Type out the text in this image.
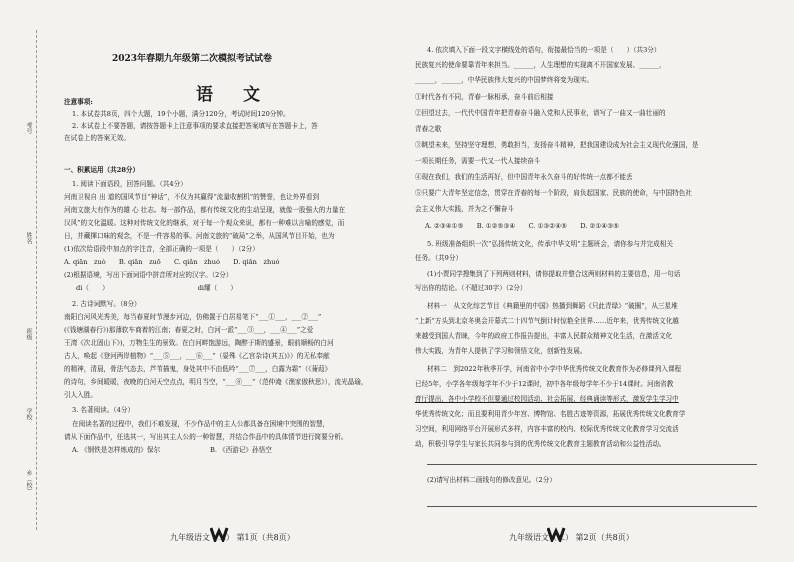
考号
姓名
班级
学校
乡（校）
2023年春期九年级第二次模拟考试试卷
语文
注意事项:
1. 本试卷共8页，四个大题，19个小题，满分120分，考试时间120分钟。
2. 本试卷上不要答题，请按答题卡上注意事项的要求直接把答案填写在答题卡上，答
在试卷上的答案无效。
一、积累运用（共28分）
1. 阅读下面语段，回答问题。（共4分）
河南卫视自 出 道的国风节目“神话”，不仅为其赢得“流量收割机”的赞誉，也让外界看到
河南文旅大有作为的雄 心 壮志。每一部作品，都有传统文化的生动呈现，就像一股强大的力量在
汉风”的文化温暖。这种对传统文化的继承，对于每一个观众来说，都有一种难以言喻的感觉，而
日，并藏揮口味的观念，不是一件容易的事。河南文旅的“破局”之举，从国风节目开始，也为
(1)依次给语段中加点的字注音，全部正确的一项是（　　）（2分）
A. qiān　zuò　　B. qiān　zuō　　C. qiǎn　zhuó　　D. qiān　zhuó
(2)根据语境，写出下面词语中拼音所对应的汉字。（2分）
di（　　）　　　　　　　　　　　　　　di耀（　　）
2. 古诗词默写。（8分）
南阳白河风光秀美，每当春夏时节漫步河边，仿佛置于白居易笔下“___①___，___②___”
(《钱塘湖春行》)那薄软车商着的江南；春夏之时，白河一派“___③___，___④___”之爱
王湾《次北固山下》)，万物生生的景致。在白河畔饱游远，陶醉于斯的盛景，眼前顺畅的白河
古人，唤起《登河两岸植物》“___⑤___，___⑥___”（晏殊《乙宫杂诗(其五)》）的无私奉献
的精神，清晨，骨法气态去，芦苇描鬼，身处其中不由低吟“___⑦___，白露为霜”（《蒹葭》
的诗句，乡间暖暖，夜晚的白河天空点点，明月当空，“___⑧___”（范仲淹《渔家傲秋思》），流光晶瑜，
引人入胜。
3. 名著阅读。（4分）
在阅读名著的过程中，我们不难发现，不少作品中的主人公都具备在困境中突围的智慧，
请从下面作品中，任选其一，写出其主人公的一种智慧，并结合作品中的具体情节进行简要分析。
A. 《钢铁是怎样炼成的》保尔	B. 《西游记》孙悟空
九年级语文（二） 第1页（共8页）
4. 依次填入下面一段文字横线处的语句，衔接最恰当的一项是（　　）（共3分）
民族复兴的使命要靠青年来担当。______，人生理想的实现离不开国家发展、______，
______，______，中华民族伟大复兴的中国梦终将变为现实。
①时代各有不同，青春一脉相承，奋斗前后相接
②回望过去，一代代中国青年把青春奋斗融入党和人民事业，谱写了一曲又一曲壮丽的
青春之歌
③眺望未来，坚持坚守理想，勇敢担当，发扬奋斗精神，把我国建设成为社会主义现代化强国，是
一项长期任务，需要一代又一代人接续奋斗
④现在我们，我们的生活再好，但中国青年永久奋斗的好传统一点都不能丢
⑤只要广大青年坚定信念，贯穿在青春的每一个阶段，肩负起国家、民族的使命，与中国特色社
会主义伟大实践，并为之不懈奋斗
A. ②③④①⑤　　B. ①②⑤③④　　C. ①③②④⑤　　D. ②①④③⑤
5. 班级准备组织一次“弘扬传统文化，传承中华文明”主题班会，请你参与并完成相关
任务。（共9分）
(1)小贾同学搜集到了下列两则材料，请你提取并整合这两则材料的主要信息，用一句话
写出你的结论。（不超过30字）（2分）
材料一　从文化综艺节目《典籍里的中国》热播到舞蹈《只此青绿》“破圈”，从三星堆
“上新”方头到北京冬奥会开幕式二十四节气倒计时惊艳全世界……近年来，优秀传统文化越
来越受到国人青睐，今年的政府工作报告提出，丰富人民群众精神文化生活，在激活文化
伟大实践，为青年人提供了学习和领悟文化，创新性发展。
材料二　到2022年秋季开学，河南省中小学中华优秀传统文化教育作为必修课列入课程
已经5年，小学各年级每学年不少于12课时，初中各年级每学年不少于14课时。河南省教
育厅提出，各中小学校不但要通过校园活动、社会拓展、经典诵读等形式，激发学生学习中
华优秀传统文化；而且要利用青少年宫、博物馆、名胜古迹等资源，拓展优秀传统文化教育学
习空间，利用网络平台开展形式多样，内容丰富的校内、校际优秀传统文化教育学习交流活
动，积极引导学生与家长共同参与到的优秀传统文化教育主题教育活动和公益性活动。
(2)请写出材料二画线句的修改意见。（2分）
九年级语文（二） 第2页（共8页）
